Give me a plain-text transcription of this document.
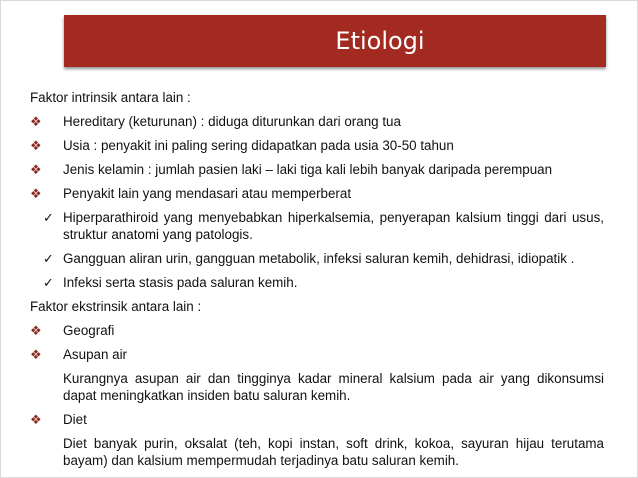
Etiologi
Faktor intrinsik antara lain :
❖	Hereditary (keturunan) : diduga diturunkan dari orang tua
❖	Usia : penyakit ini paling sering didapatkan pada usia 30-50 tahun
❖	Jenis kelamin : jumlah pasien laki – laki tiga kali lebih banyak daripada perempuan
❖	Penyakit lain yang mendasari atau memperberat
✓ Hiperparathiroid yang menyebabkan hiperkalsemia, penyerapan kalsium tinggi dari usus, struktur anatomi yang patologis.
✓ Gangguan aliran urin, gangguan metabolik, infeksi saluran kemih, dehidrasi, idiopatik .
✓ Infeksi serta stasis pada saluran kemih.
Faktor ekstrinsik antara lain :
❖	Geografi
❖	Asupan air
Kurangnya asupan air dan tingginya kadar mineral kalsium pada air yang dikonsumsi dapat meningkatkan insiden batu saluran kemih.
❖	Diet
Diet banyak purin, oksalat (teh, kopi instan, soft drink, kokoa, sayuran hijau terutama bayam) dan kalsium mempermudah terjadinya batu saluran kemih.
